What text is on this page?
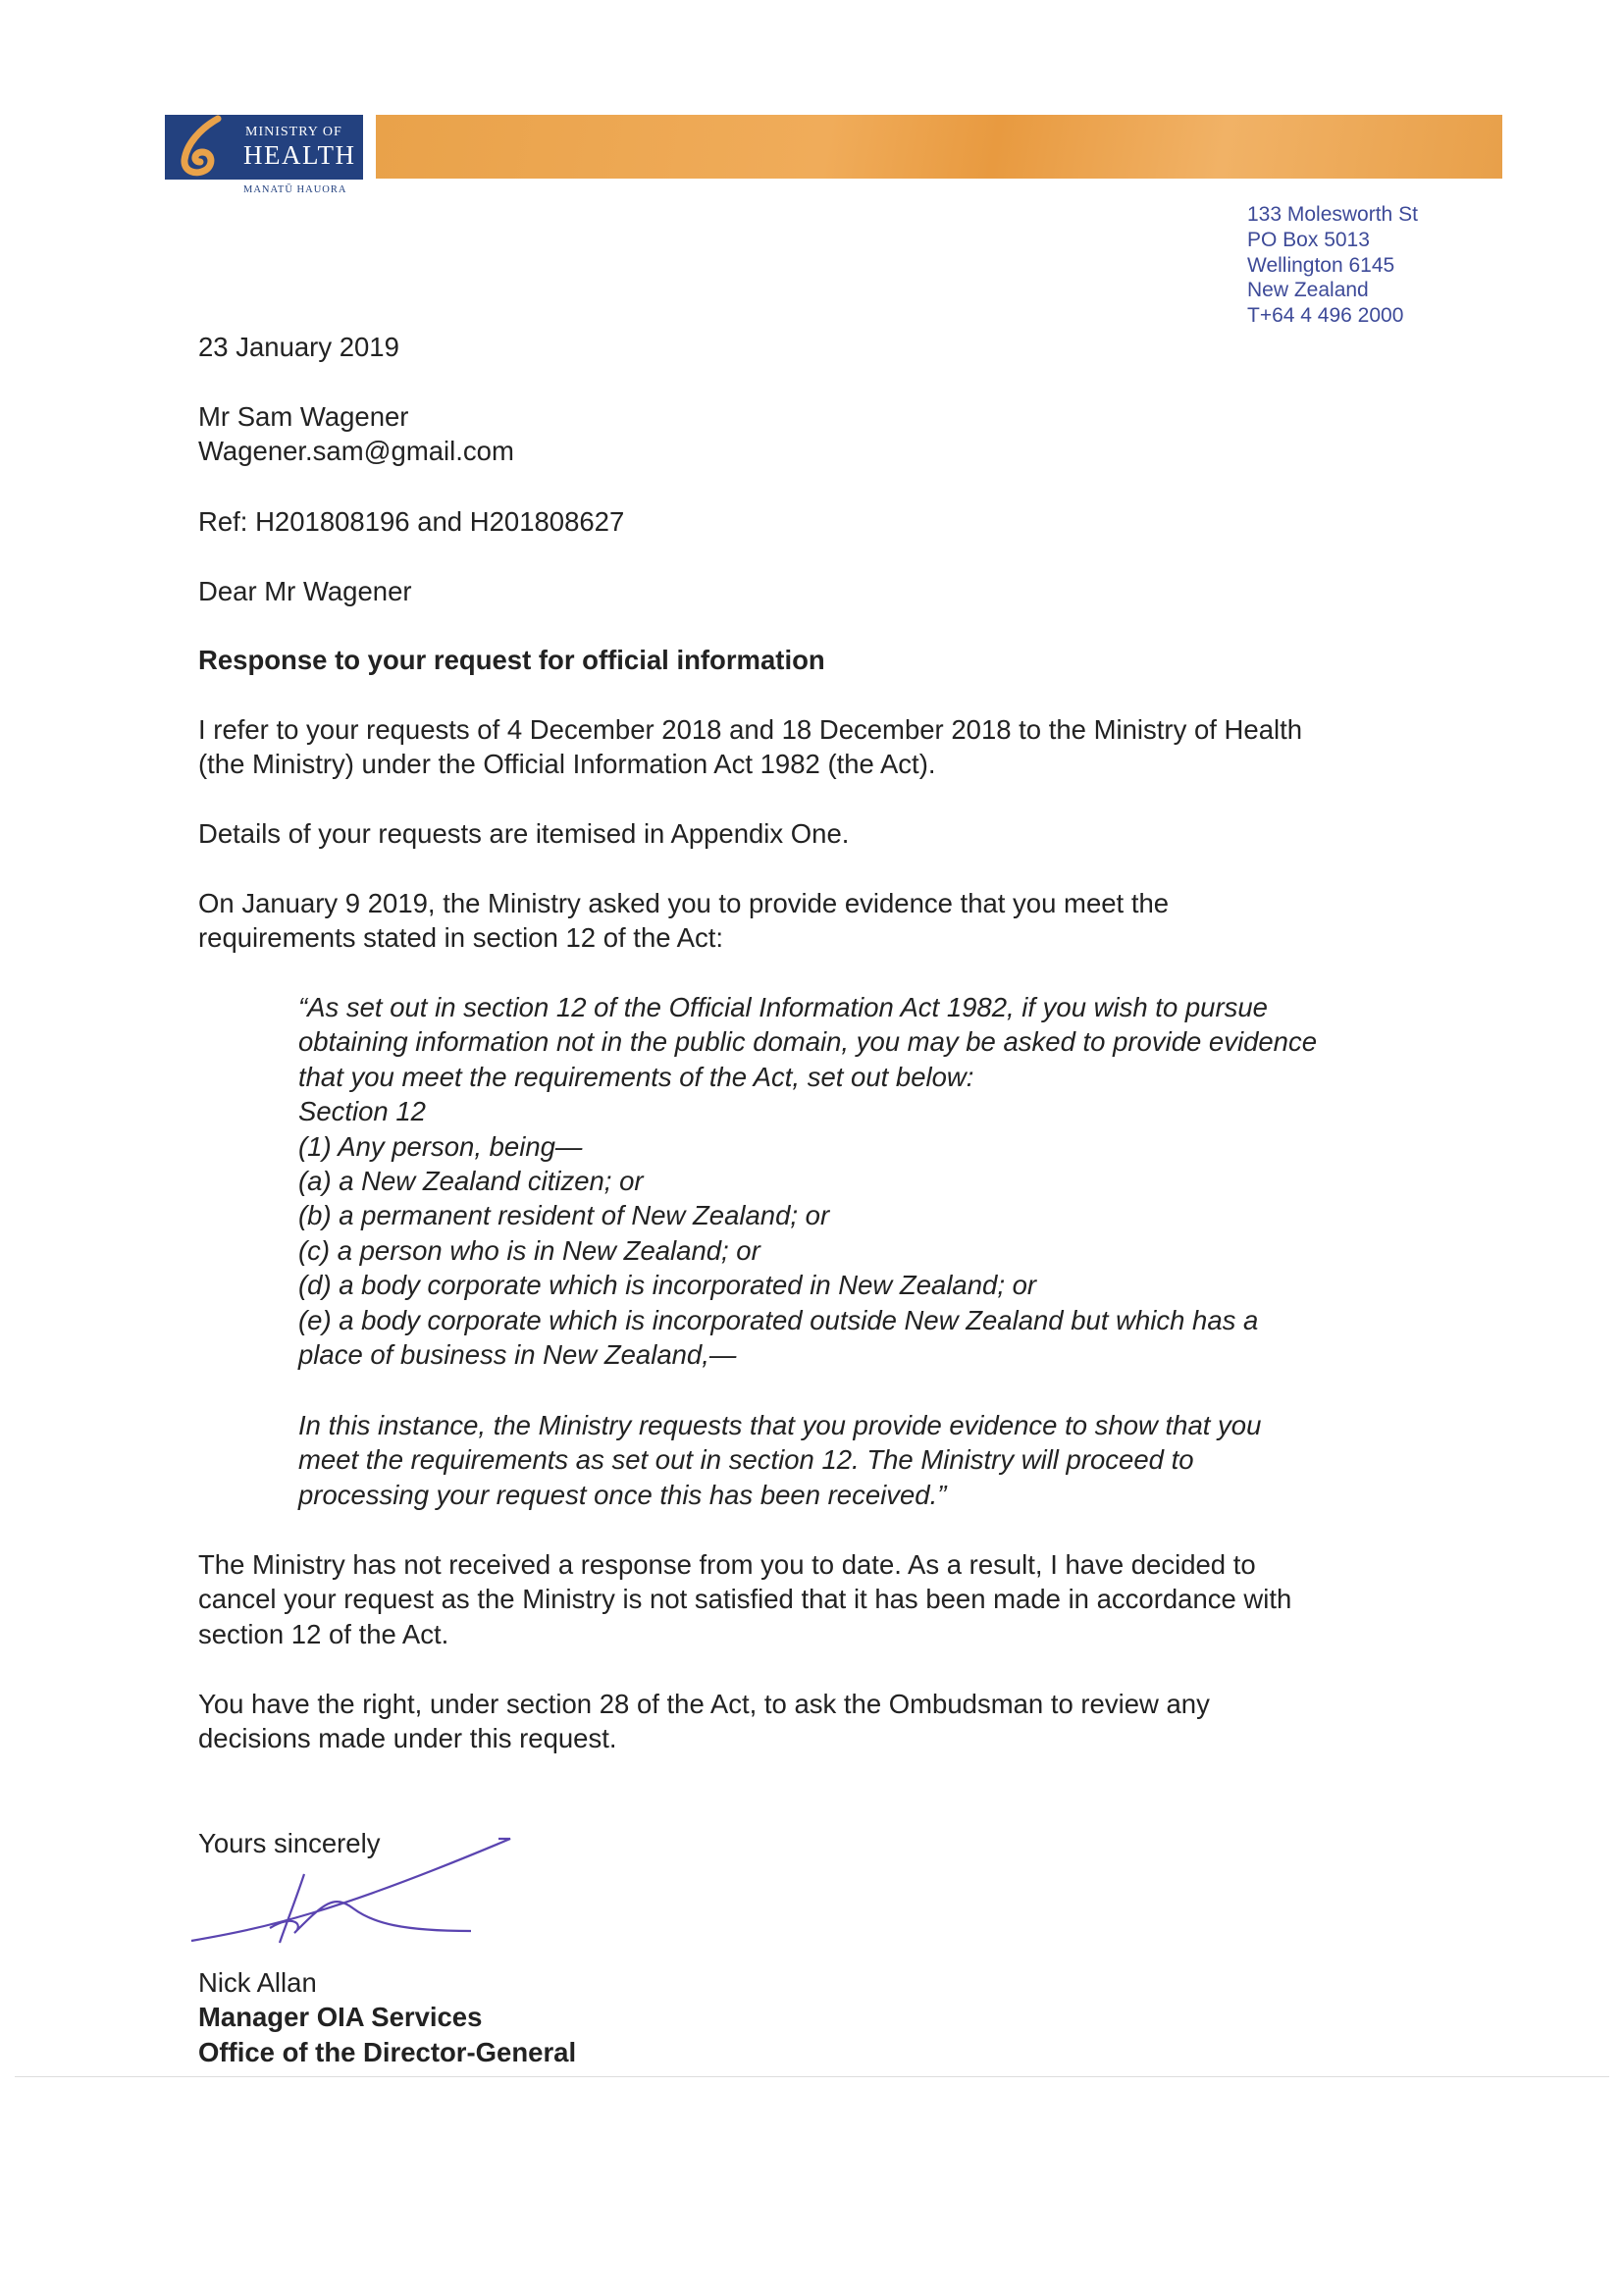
MINISTRY OF
HEALTH
MANATŪ HAUORA
133 Molesworth St
PO Box 5013
Wellington 6145
New Zealand
T+64 4 496 2000
23 January 2019
Mr Sam Wagener
Wagener.sam@gmail.com
Ref: H201808196 and H201808627
Dear Mr Wagener
Response to your request for official information
I refer to your requests of 4 December 2018 and 18 December 2018 to the Ministry of Health
(the Ministry) under the Official Information Act 1982 (the Act).
Details of your requests are itemised in Appendix One.
On January 9 2019, the Ministry asked you to provide evidence that you meet the
requirements stated in section 12 of the Act:
“As set out in section 12 of the Official Information Act 1982, if you wish to pursue
obtaining information not in the public domain, you may be asked to provide evidence
that you meet the requirements of the Act, set out below:
Section 12
(1) Any person, being—
(a) a New Zealand citizen; or
(b) a permanent resident of New Zealand; or
(c) a person who is in New Zealand; or
(d) a body corporate which is incorporated in New Zealand; or
(e) a body corporate which is incorporated outside New Zealand but which has a
place of business in New Zealand,—
In this instance, the Ministry requests that you provide evidence to show that you
meet the requirements as set out in section 12. The Ministry will proceed to
processing your request once this has been received.”
The Ministry has not received a response from you to date. As a result, I have decided to
cancel your request as the Ministry is not satisfied that it has been made in accordance with
section 12 of the Act.
You have the right, under section 28 of the Act, to ask the Ombudsman to review any
decisions made under this request.
Yours sincerely
Nick Allan
Manager OIA Services
Office of the Director-General
